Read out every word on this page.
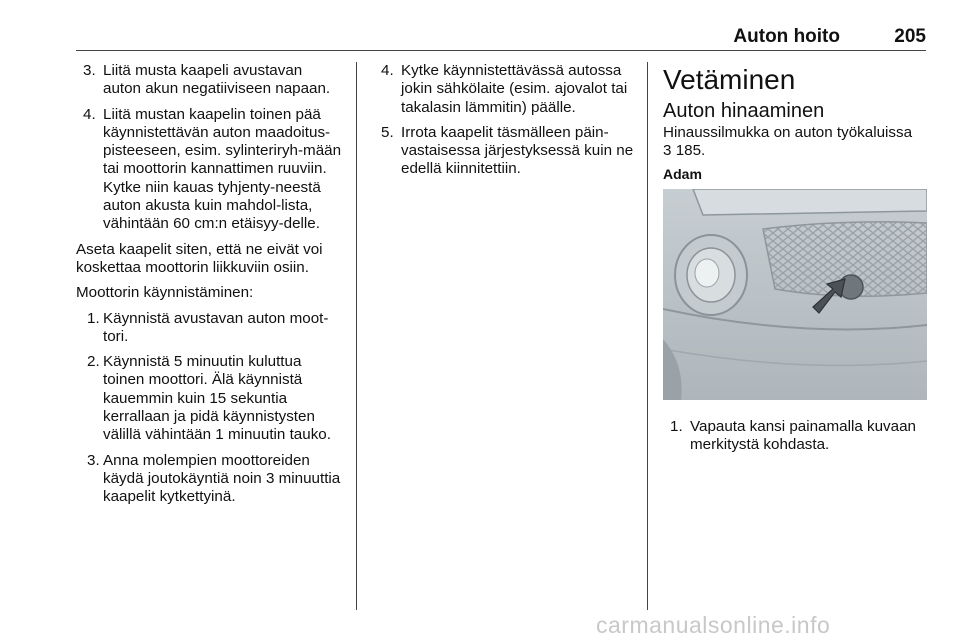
Auton hoito	205
3. Liitä musta kaapeli avustavan auton akun negatiiviseen napaan.
4. Liitä mustan kaapelin toinen pää käynnistettävän auton maadoitus-pisteeseen, esim. sylinteriryh-mään tai moottorin kannattimen ruuviin. Kytke niin kauas tyhjenty-neestä auton akusta kuin mahdol-lista, vähintään 60 cm:n etäisyy-delle.

Aseta kaapelit siten, että ne eivät voi koskettaa moottorin liikkuviin osiin.

Moottorin käynnistäminen:

1. Käynnistä avustavan auton moot-tori.
2. Käynnistä 5 minuutin kuluttua toinen moottori. Älä käynnistä kauemmin kuin 15 sekuntia kerrallaan ja pidä käynnistysten välillä vähintään 1 minuutin tauko.
3. Anna molempien moottoreiden käydä joutokäyntiä noin 3 minuuttia kaapelit kytkettyinä.
4. Kytke käynnistettävässä autossa jokin sähkölaite (esim. ajovalot tai takalasin lämmitin) päälle.
5. Irrota kaapelit täsmälleen päin-vastaisessa järjestyksessä kuin ne edellä kiinnitettiin.
Vetäminen
Auton hinaaminen

Hinaussilmukka on auton työkaluissa
3 185.

Adam
1. Vapauta kansi painamalla kuvaan merkitystä kohdasta.
carmanualsonline.info
